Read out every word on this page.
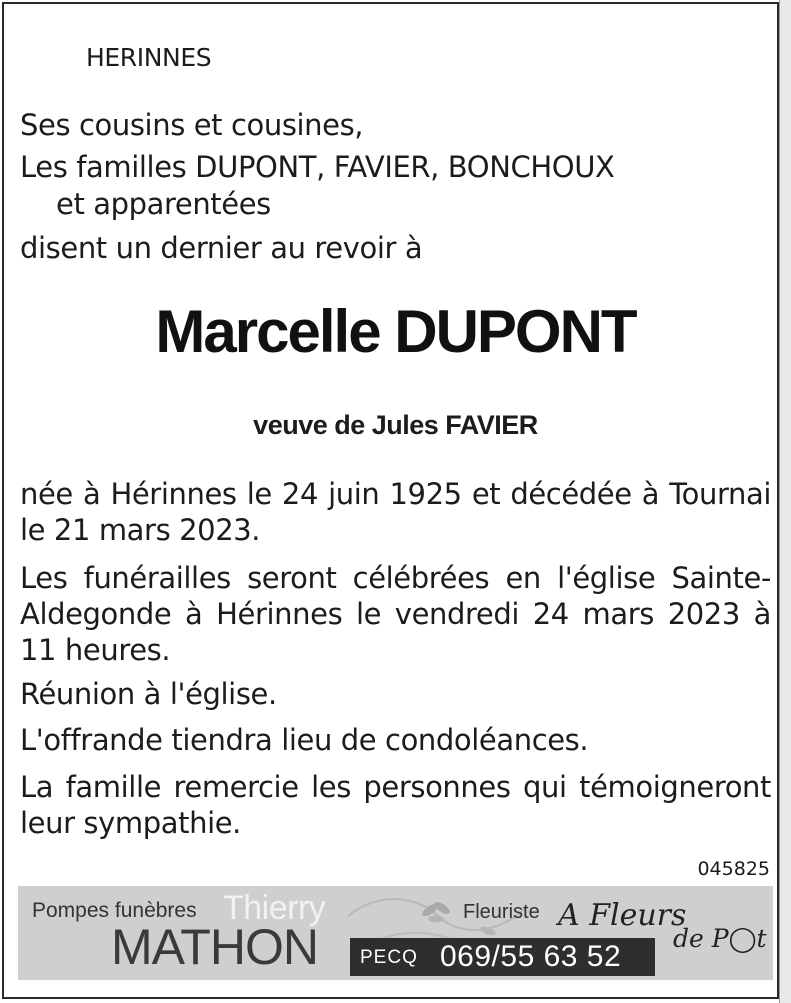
HERINNES
Ses cousins et cousines,
Les familles DUPONT, FAVIER, BONCHOUX
et apparentées
disent un dernier au revoir à
Marcelle DUPONT
veuve de Jules FAVIER
née à Hérinnes le 24 juin 1925 et décédée à Tournai le 21 mars 2023.
Les funérailles seront célébrées en l'église Sainte-Aldegonde à Hérinnes le vendredi 24 mars 2023 à 11 heures.
Réunion à l'église.
L'offrande tiendra lieu de condoléances.
La famille remercie les personnes qui témoigneront leur sympathie.
045825
Pompes funèbres Thierry
MATHON PECQ 069/55 63 52
Fleuriste A Fleurs
de P◯t
